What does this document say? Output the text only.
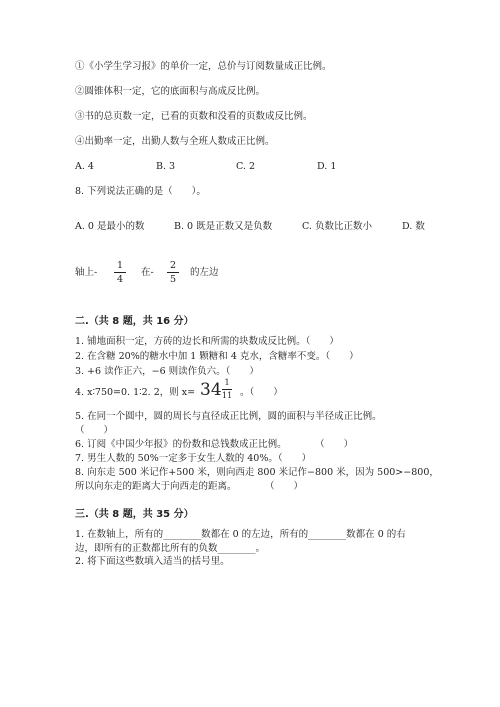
①《小学生学习报》的单价一定，总价与订阅数量成正比例。
②圆锥体积一定，它的底面积与高成反比例。
③书的总页数一定，已看的页数和没看的页数成反比例。
④出勤率一定，出勤人数与全班人数成正比例。
A. 4	B. 3	C. 2	D. 1
8. 下列说法正确的是（　　）。
A. 0 是最小的数	B. 0 既是正数又是负数	C. 负数比正数小	D. 数
轴上-
1
4
在-
2
5
的左边
二.（共 8 题，共 16 分）
1. 铺地面积一定，方砖的边长和所需的块数成反比例。（　　）
2. 在含糖 20%的糖水中加 1 颗糖和 4 克水，含糖率不变。（　　）
3. +6 读作正六，−6 则读作负六。（　　）
4. x∶750=0. 1∶2. 2，则 x= 34 1
11 。（　　）
5. 在同一个圆中，圆的周长与直径成正比例，圆的面积与半径成正比例。
（　　）
6. 订阅《中国少年报》的份数和总钱数成正比例。　　　　（　　）
7. 男生人数的 50%一定多于女生人数的 40%。（　　）
8. 向东走 500 米记作+500 米，则向西走 800 米记作−800 米，因为 500>−800，
所以向东走的距离大于向西走的距离。　　　　（　　）
三.（共 8 题，共 35 分）
1. 在数轴上，所有的________数都在 0 的左边，所有的________数都在 0 的右
边，即所有的正数都比所有的负数________。
2. 将下面这些数填入适当的括号里。
